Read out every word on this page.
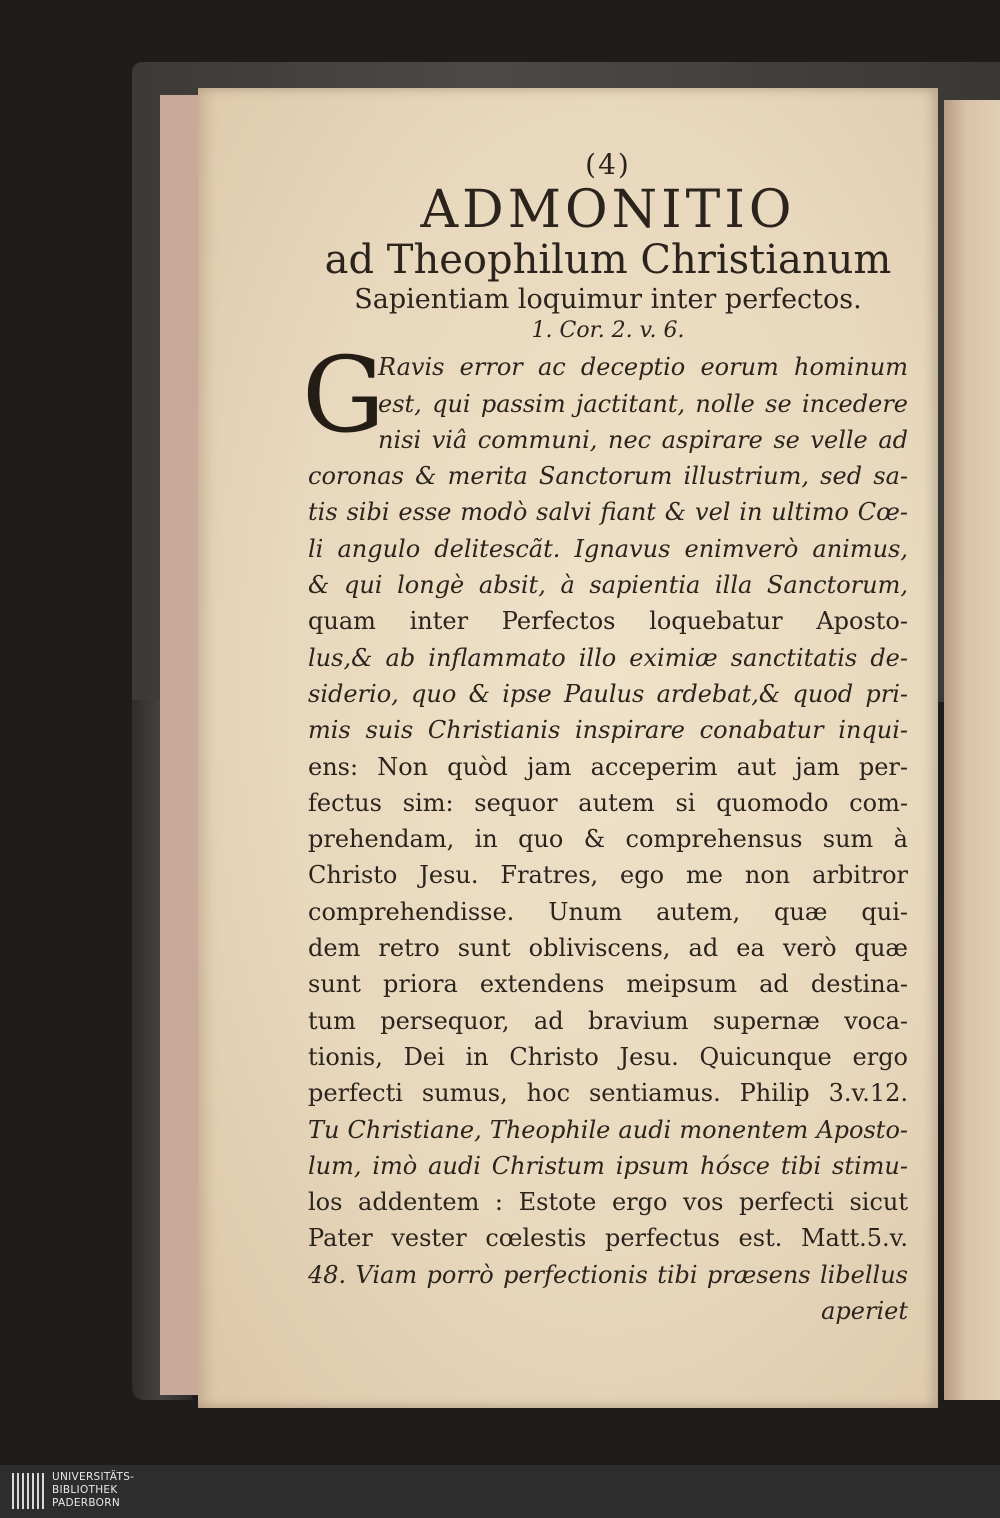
(4)
ADMONITIO
ad Theophilum Christianum
Sapientiam loquimur inter perfectos.
1. Cor. 2. v. 6.
G
Ravis error ac deceptio eorum hominum
est, qui passim jactitant, nolle se incedere
nisi viâ communi, nec aspirare se velle ad
coronas & merita Sanctorum illustrium, sed sa-
tis sibi esse modò salvi fiant & vel in ultimo Cœ-
li angulo delitescãt. Ignavus enimverò animus,
& qui longè absit, à sapientia illa Sanctorum,
quam inter Perfectos loquebatur Aposto-
lus,& ab inflammato illo eximiæ sanctitatis de-
siderio, quo & ipse Paulus ardebat,& quod pri-
mis suis Christianis inspirare conabatur inqui-
ens: Non quòd jam acceperim aut jam per-
fectus sim: sequor autem si quomodo com-
prehendam, in quo & comprehensus sum à
Christo Jesu. Fratres, ego me non arbitror
comprehendisse. Unum autem, quæ qui-
dem retro sunt obliviscens, ad ea verò quæ
sunt priora extendens meipsum ad destina-
tum persequor, ad bravium supernæ voca-
tionis, Dei in Christo Jesu. Quicunque ergo
perfecti sumus, hoc sentiamus. Philip 3.v.12.
Tu Christiane, Theophile audi monentem Aposto-
lum, imò audi Christum ipsum hósce tibi stimu-
los addentem : Estote ergo vos perfecti sicut
Pater vester cœlestis perfectus est. Matt.5.v.
48. Viam porrò perfectionis tibi præsens libellus
aperiet
UNIVERSITÄTS-
BIBLIOTHEK
PADERBORN
